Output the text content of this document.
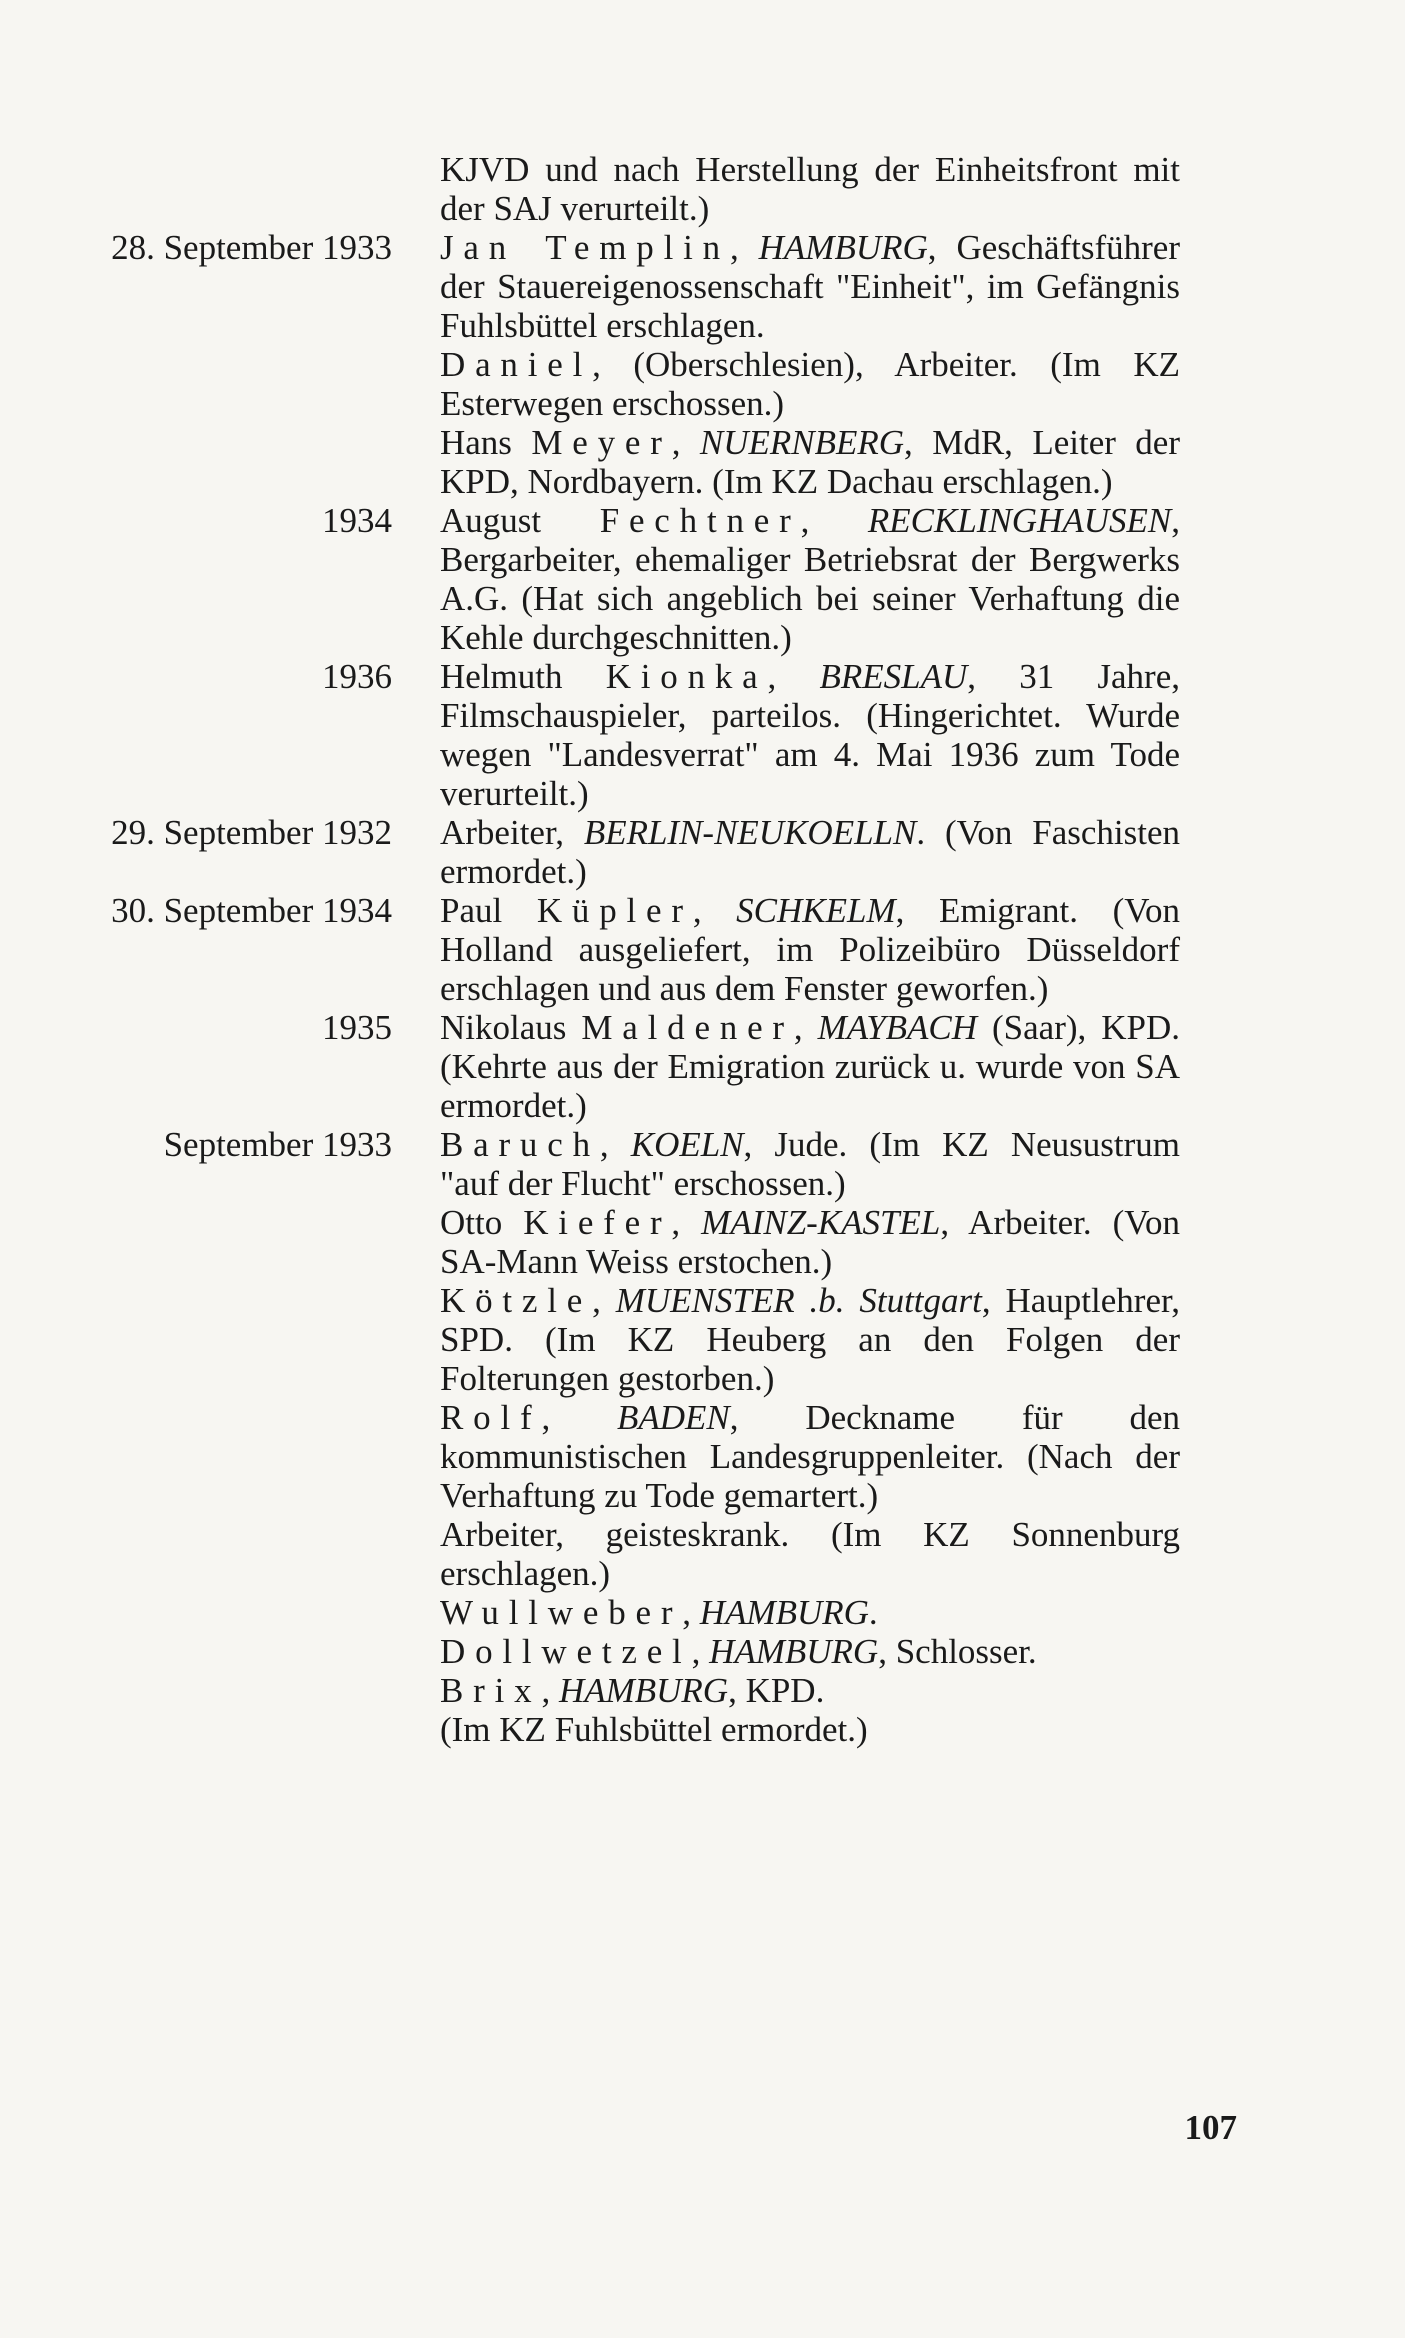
KJVD und nach Herstellung der Einheitsfront mit der SAJ verurteilt.)
28. September 1933	Jan Templin, HAMBURG, Geschäftsführer der Stauereigenossenschaft "Einheit", im Gefängnis Fuhlsbüttel erschlagen.
Daniel, (Oberschlesien), Arbeiter. (Im KZ Esterwegen erschossen.)
Hans Meyer, NUERNBERG, MdR, Leiter der KPD, Nordbayern. (Im KZ Dachau erschlagen.)
1934	August Fechtner, RECKLINGHAUSEN, Bergarbeiter, ehemaliger Betriebsrat der Bergwerks A.G. (Hat sich angeblich bei seiner Verhaftung die Kehle durchgeschnitten.)
1936	Helmuth Kionka, BRESLAU, 31 Jahre, Filmschauspieler, parteilos. (Hingerichtet. Wurde wegen "Landesverrat" am 4. Mai 1936 zum Tode verurteilt.)
29. September 1932	Arbeiter, BERLIN-NEUKOELLN. (Von Faschisten ermordet.)
30. September 1934	Paul Küpler, SCHKELM, Emigrant. (Von Holland ausgeliefert, im Polizeibüro Düsseldorf erschlagen und aus dem Fenster geworfen.)
1935	Nikolaus Maldener, MAYBACH (Saar), KPD. (Kehrte aus der Emigration zurück u. wurde von SA ermordet.)
September 1933	Baruch, KOELN, Jude. (Im KZ Neusustrum "auf der Flucht" erschossen.)
Otto Kiefer, MAINZ-KASTEL, Arbeiter. (Von SA-Mann Weiss erstochen.)
Kötzle, MUENSTER .b. Stuttgart, Hauptlehrer, SPD. (Im KZ Heuberg an den Folgen der Folterungen gestorben.)
Rolf, BADEN, Deckname für den kommunistischen Landesgruppenleiter. (Nach der Verhaftung zu Tode gemartert.)
Arbeiter, geisteskrank. (Im KZ Sonnenburg erschlagen.)
Wullweber, HAMBURG.
Dollwetzel, HAMBURG, Schlosser.
Brix, HAMBURG, KPD.
(Im KZ Fuhlsbüttel ermordet.)
107
